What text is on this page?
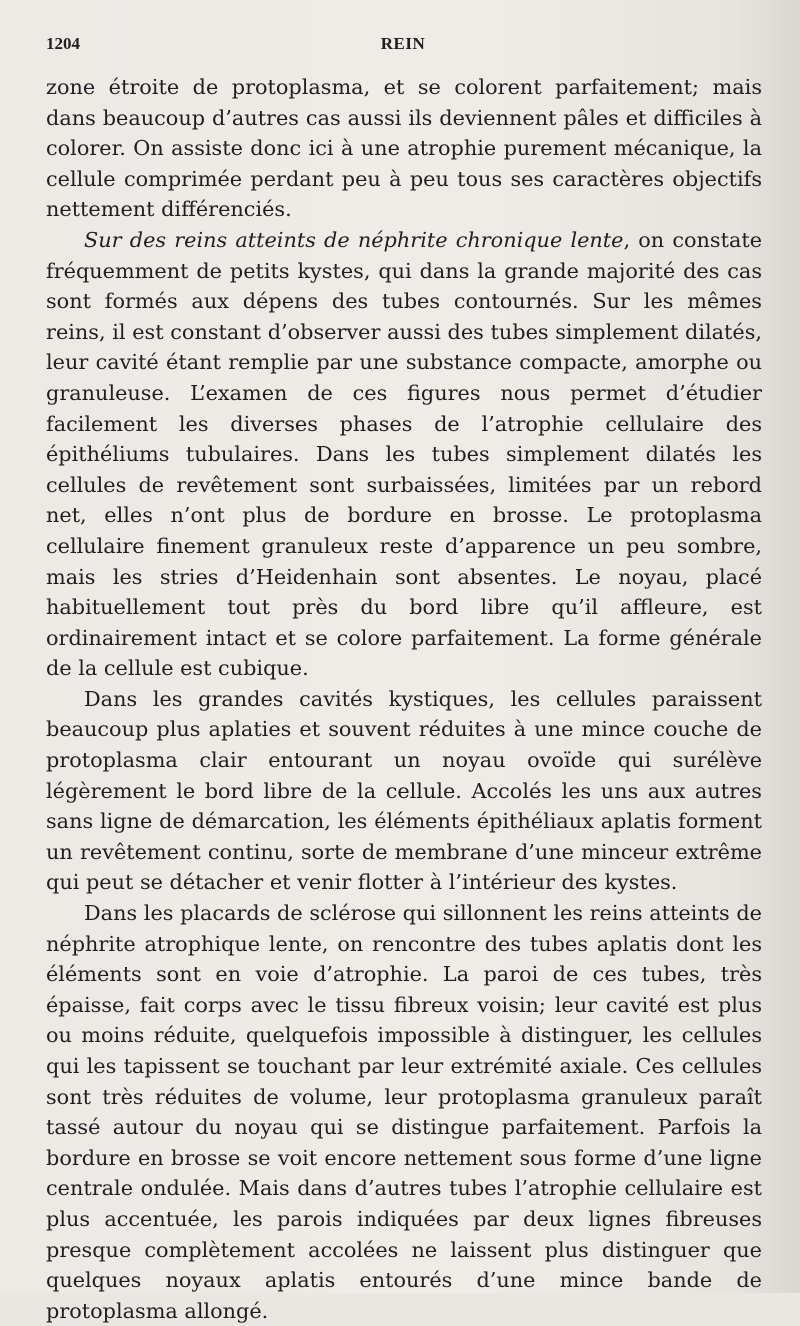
1204	REIN

zone étroite de protoplasma, et se colorent parfaitement; mais dans beaucoup d’autres cas aussi ils deviennent pâles et difficiles à colorer. On assiste donc ici à une atrophie purement mécanique, la cellule comprimée perdant peu à peu tous ses caractères objectifs nettement différenciés.

Sur des reins atteints de néphrite chronique lente, on constate fréquemment de petits kystes, qui dans la grande majorité des cas sont formés aux dépens des tubes contournés. Sur les mêmes reins, il est constant d’observer aussi des tubes simplement dilatés, leur cavité étant remplie par une substance compacte, amorphe ou granuleuse. L’examen de ces figures nous permet d’étudier facilement les diverses phases de l’atrophie cellulaire des épithéliums tubulaires. Dans les tubes simplement dilatés les cellules de revêtement sont surbaissées, limitées par un rebord net, elles n’ont plus de bordure en brosse. Le protoplasma cellulaire finement granuleux reste d’apparence un peu sombre, mais les stries d’Heidenhain sont absentes. Le noyau, placé habituellement tout près du bord libre qu’il affleure, est ordinairement intact et se colore parfaitement. La forme générale de la cellule est cubique.

Dans les grandes cavités kystiques, les cellules paraissent beaucoup plus aplaties et souvent réduites à une mince couche de protoplasma clair entourant un noyau ovoïde qui surélève légèrement le bord libre de la cellule. Accolés les uns aux autres sans ligne de démarcation, les éléments épithéliaux aplatis forment un revêtement continu, sorte de membrane d’une minceur extrême qui peut se détacher et venir flotter à l’intérieur des kystes.

Dans les placards de sclérose qui sillonnent les reins atteints de néphrite atrophique lente, on rencontre des tubes aplatis dont les éléments sont en voie d’atrophie. La paroi de ces tubes, très épaisse, fait corps avec le tissu fibreux voisin; leur cavité est plus ou moins réduite, quelquefois impossible à distinguer, les cellules qui les tapissent se touchant par leur extrémité axiale. Ces cellules sont très réduites de volume, leur protoplasma granuleux paraît tassé autour du noyau qui se distingue parfaitement. Parfois la bordure en brosse se voit encore nettement sous forme d’une ligne centrale ondulée. Mais dans d’autres tubes l’atrophie cellulaire est plus accentuée, les parois indiquées par deux lignes fibreuses presque complètement accolées ne laissent plus distinguer que quelques noyaux aplatis entourés d’une mince bande de protoplasma allongé.
